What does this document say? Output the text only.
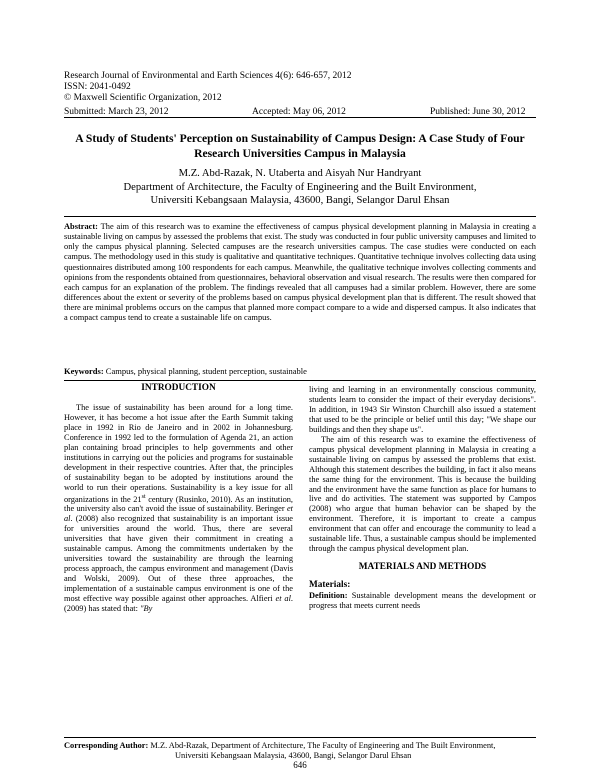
Research Journal of Environmental and Earth Sciences 4(6): 646-657, 2012
ISSN: 2041-0492
© Maxwell Scientific Organization, 2012
Submitted: March 23, 2012	Accepted: May 06, 2012	Published: June 30, 2012
A Study of Students' Perception on Sustainability of Campus Design: A Case Study of Four Research Universities Campus in Malaysia
M.Z. Abd-Razak, N. Utaberta and Aisyah Nur Handryant
Department of Architecture, the Faculty of Engineering and the Built Environment,
Universiti Kebangsaan Malaysia, 43600, Bangi, Selangor Darul Ehsan
Abstract: The aim of this research was to examine the effectiveness of campus physical development planning in Malaysia in creating a sustainable living on campus by assessed the problems that exist. The study was conducted in four public university campuses and limited to only the campus physical planning. Selected campuses are the research universities campus. The case studies were conducted on each campus. The methodology used in this study is qualitative and quantitative techniques. Quantitative technique involves collecting data using questionnaires distributed among 100 respondents for each campus. Meanwhile, the qualitative technique involves collecting comments and opinions from the respondents obtained from questionnaires, behavioral observation and visual research. The results were then compared for each campus for an explanation of the problem. The findings revealed that all campuses had a similar problem. However, there are some differences about the extent or severity of the problems based on campus physical development plan that is different. The result showed that there are minimal problems occurs on the campus that planned more compact compare to a wide and dispersed campus. It also indicates that a compact campus tend to create a sustainable life on campus.
Keywords: Campus, physical planning, student perception, sustainable
INTRODUCTION

The issue of sustainability has been around for a long time. However, it has become a hot issue after the Earth Summit taking place in 1992 in Rio de Janeiro and in 2002 in Johannesburg. Conference in 1992 led to the formulation of Agenda 21, an action plan containing broad principles to help governments and other institutions in carrying out the policies and programs for sustainable development in their respective countries. After that, the principles of sustainability began to be adopted by institutions around the world to run their operations. Sustainability is a key issue for all organizations in the 21st century (Rusinko, 2010). As an institution, the university also can't avoid the issue of sustainability. Beringer et al. (2008) also recognized that sustainability is an important issue for universities around the world. Thus, there are several universities that have given their commitment in creating a sustainable campus. Among the commitments undertaken by the universities toward the sustainability are through the learning process approach, the campus environment and management (Davis and Wolski, 2009). Out of these three approaches, the implementation of a sustainable campus environment is one of the most effective way possible against other approaches. Alfieri et al. (2009) has stated that: "By

living and learning in an environmentally conscious community, students learn to consider the impact of their everyday decisions". In addition, in 1943 Sir Winston Churchill also issued a statement that used to be the principle or belief until this day; "We shape our buildings and then they shape us".

The aim of this research was to examine the effectiveness of campus physical development planning in Malaysia in creating a sustainable living on campus by assessed the problems that exist. Although this statement describes the building, in fact it also means the same thing for the environment. This is because the building and the environment have the same function as place for humans to live and do activities. The statement was supported by Campos (2008) who argue that human behavior can be shaped by the environment. Therefore, it is important to create a campus environment that can offer and encourage the community to lead a sustainable life. Thus, a sustainable campus should be implemented through the campus physical development plan.

MATERIALS AND METHODS
Materials:

Definition: Sustainable development means the development or progress that meets current needs

Corresponding Author: M.Z. Abd-Razak, Department of Architecture, The Faculty of Engineering and The Built Environment,
Universiti Kebangsaan Malaysia, 43600, Bangi, Selangor Darul Ehsan
646
